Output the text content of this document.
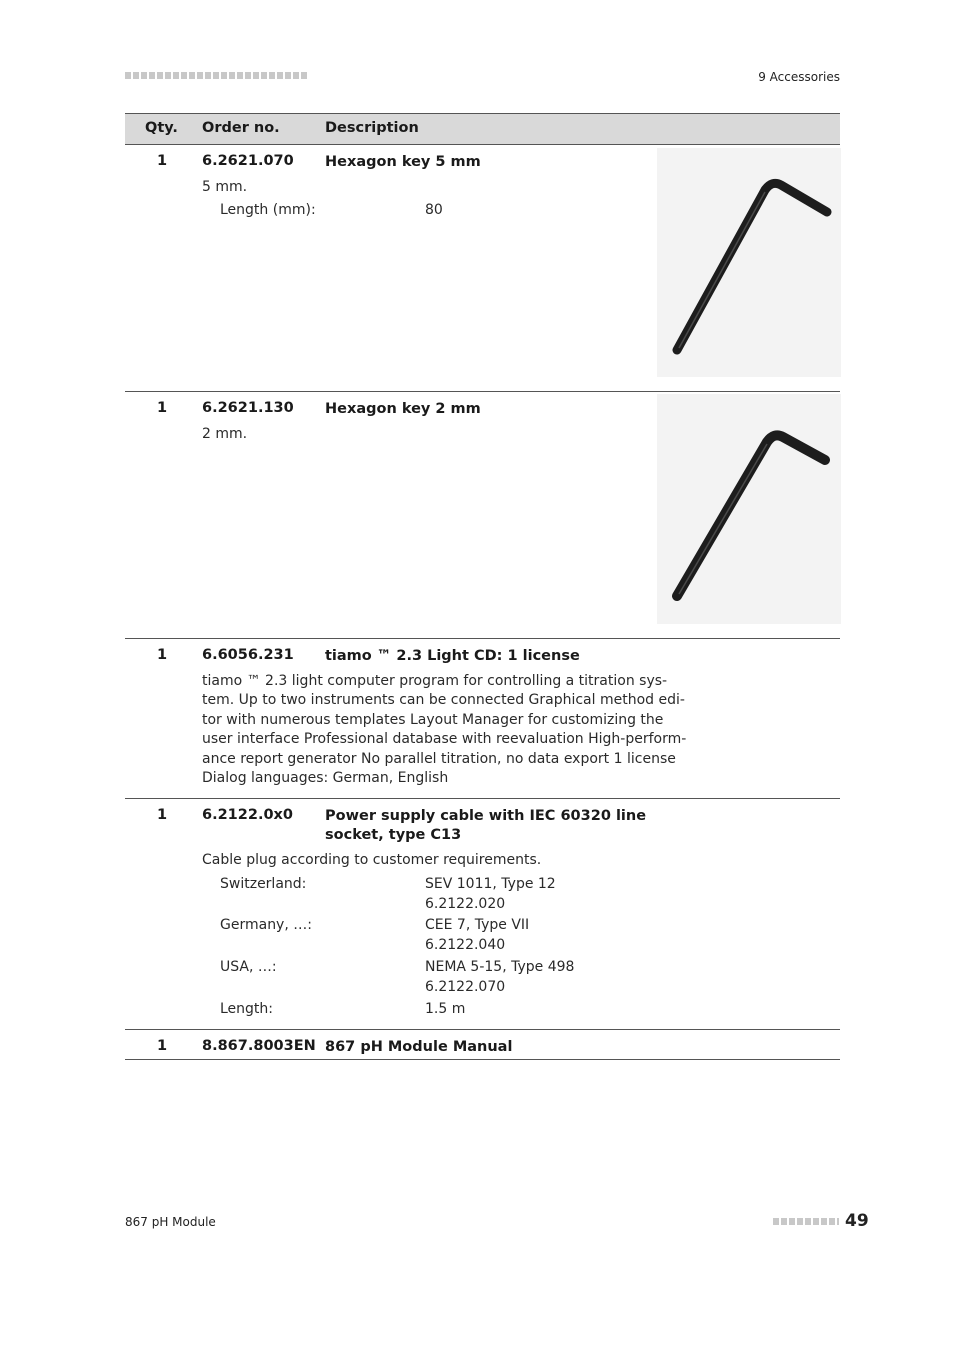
9 Accessories
Qty. Order no.	Description
1 6.2621.070 Hexagon key 5 mm
5 mm.
Length (mm):	80
1 6.2621.130 Hexagon key 2 mm
2 mm.
1 6.6056.231 tiamo ™ 2.3 Light CD: 1 license
tiamo ™ 2.3 light computer program for controlling a titration sys-
tem. Up to two instruments can be connected Graphical method edi-
tor with numerous templates Layout Manager for customizing the
user interface Professional database with reevaluation High-perform-
ance report generator No parallel titration, no data export 1 license
Dialog languages: German, English
1 6.2122.0x0 Power supply cable with IEC 60320 line
socket, type C13
Cable plug according to customer requirements.
Switzerland:	SEV 1011, Type 12
6.2122.020
Germany, …:	CEE 7, Type VII
6.2122.040
USA, …:	NEMA 5-15, Type 498
6.2122.070
Length:	1.5 m
1 8.867.8003EN 867 pH Module Manual
867 pH Module	49
